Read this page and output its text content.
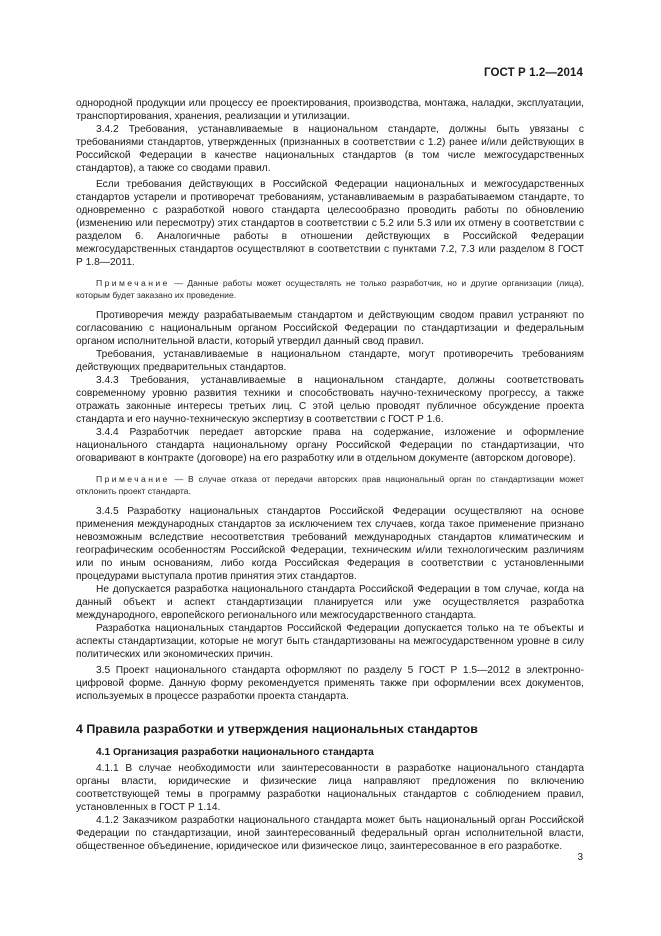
ГОСТ Р 1.2—2014

однородной продукции или процессу ее проектирования, производства, монтажа, наладки, эксплуатации, транспортирования, хранения, реализации и утилизации.

3.4.2 Требования, устанавливаемые в национальном стандарте, должны быть увязаны с требованиями стандартов, утвержденных (признанных в соответствии с 1.2) ранее и/или действующих в Российской Федерации в качестве национальных стандартов (в том числе межгосударственных стандартов), а также со сводами правил.

Если требования действующих в Российской Федерации национальных и межгосударственных стандартов устарели и противоречат требованиям, устанавливаемым в разрабатываемом стандарте, то одновременно с разработкой нового стандарта целесообразно проводить работы по обновлению (изменению или пересмотру) этих стандартов в соответствии с 5.2 или 5.3 или их отмену в соответствии с разделом 6. Аналогичные работы в отношении действующих в Российской Федерации межгосударственных стандартов осуществляют в соответствии с пунктами 7.2, 7.3 или разделом 8 ГОСТ Р 1.8—2011.

Примечание — Данные работы может осуществлять не только разработчик, но и другие организации (лица), которым будет заказано их проведение.

Противоречия между разрабатываемым стандартом и действующим сводом правил устраняют по согласованию с национальным органом Российской Федерации по стандартизации и федеральным органом исполнительной власти, который утвердил данный свод правил.

Требования, устанавливаемые в национальном стандарте, могут противоречить требованиям действующих предварительных стандартов.

3.4.3 Требования, устанавливаемые в национальном стандарте, должны соответствовать современному уровню развития техники и способствовать научно-техническому прогрессу, а также отражать законные интересы третьих лиц. С этой целью проводят публичное обсуждение проекта стандарта и его научно-техническую экспертизу в соответствии с ГОСТ Р 1.6.

3.4.4 Разработчик передает авторские права на содержание, изложение и оформление национального стандарта национальному органу Российской Федерации по стандартизации, что оговаривают в контракте (договоре) на его разработку или в отдельном документе (авторском договоре).

Примечание — В случае отказа от передачи авторских прав национальный орган по стандартизации может отклонить проект стандарта.

3.4.5 Разработку национальных стандартов Российской Федерации осуществляют на основе применения международных стандартов за исключением тех случаев, когда такое применение признано невозможным вследствие несоответствия требований международных стандартов климатическим и географическим особенностям Российской Федерации, техническим и/или технологическим различиям или по иным основаниям, либо когда Российская Федерация в соответствии с установленными процедурами выступала против принятия этих стандартов.

Не допускается разработка национального стандарта Российской Федерации в том случае, когда на данный объект и аспект стандартизации планируется или уже осуществляется разработка международного, европейского регионального или межгосударственного стандарта.

Разработка национальных стандартов Российской Федерации допускается только на те объекты и аспекты стандартизации, которые не могут быть стандартизованы на межгосударственном уровне в силу политических или экономических причин.

3.5 Проект национального стандарта оформляют по разделу 5 ГОСТ Р 1.5—2012 в электронно-цифровой форме. Данную форму рекомендуется применять также при оформлении всех документов, используемых в процессе разработки проекта стандарта.

4 Правила разработки и утверждения национальных стандартов
4.1 Организация разработки национального стандарта

4.1.1 В случае необходимости или заинтересованности в разработке национального стандарта органы власти, юридические и физические лица направляют предложения по включению соответствующей темы в программу разработки национальных стандартов с соблюдением правил, установленных в ГОСТ Р 1.14.

4.1.2 Заказчиком разработки национального стандарта может быть национальный орган Российской Федерации по стандартизации, иной заинтересованный федеральный орган исполнительной власти, общественное объединение, юридическое или физическое лицо, заинтересованное в его разработке.

3
